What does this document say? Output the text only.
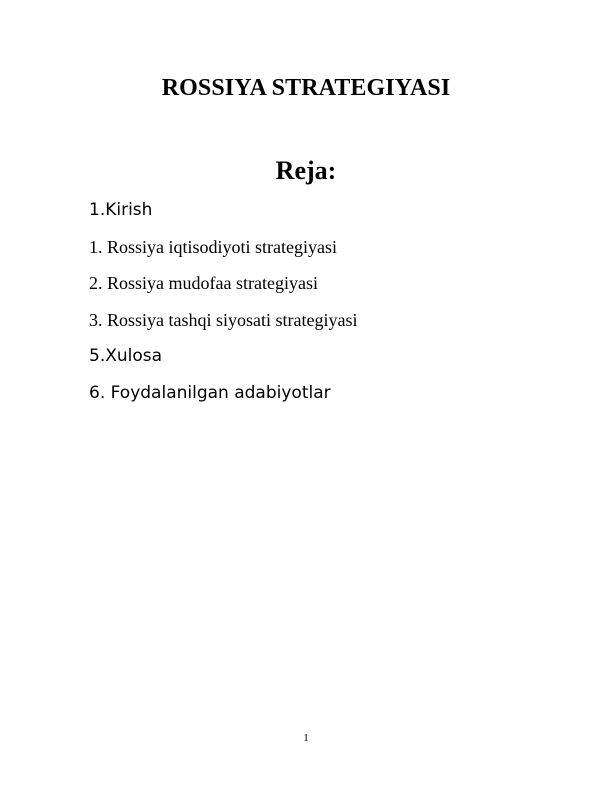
ROSSIYA STRATEGIYASI
Reja:
1.Kirish
1. Rossiya iqtisodiyoti strategiyasi
2. Rossiya mudofaa strategiyasi
3. Rossiya tashqi siyosati strategiyasi
5.Xulosa
6. Foydalanilgan adabiyotlar
1
